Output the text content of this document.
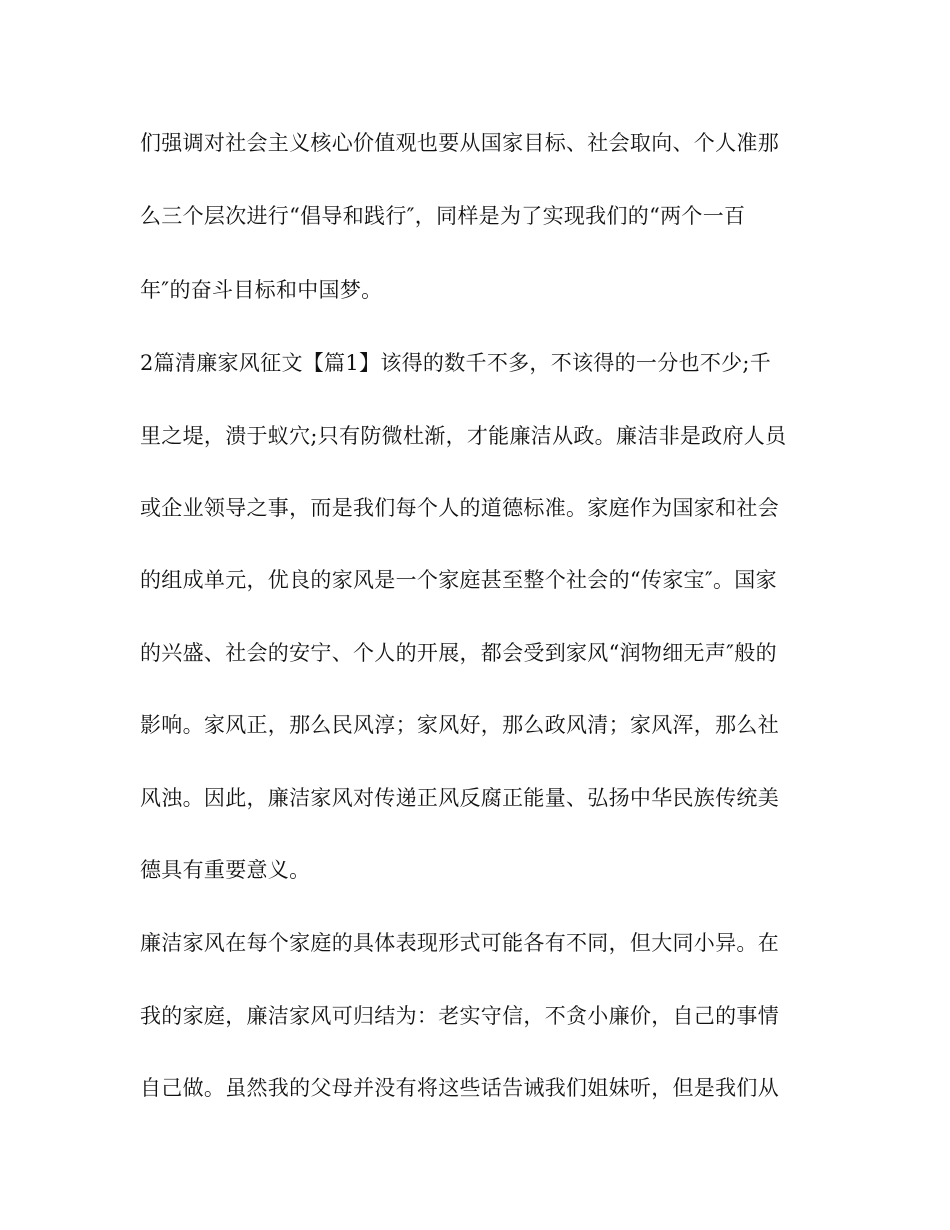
们强调对社会主义核心价值观也要从国家目标、社会取向、个人准那
么三个层次进行“倡导和践行″，同样是为了实现我们的“两个一百
年″的奋斗目标和中国梦。
2篇清廉家风征文【篇1】该得的数千不多，不该得的一分也不少;千
里之堤，溃于蚁穴;只有防微杜渐，才能廉洁从政。廉洁非是政府人员
或企业领导之事，而是我们每个人的道德标准。家庭作为国家和社会
的组成单元，优良的家风是一个家庭甚至整个社会的“传家宝″。国家
的兴盛、社会的安宁、个人的开展，都会受到家风“润物细无声″般的
影响。家风正，那么民风淳；家风好，那么政风清；家风浑，那么社
风浊。因此，廉洁家风对传递正风反腐正能量、弘扬中华民族传统美
德具有重要意义。
廉洁家风在每个家庭的具体表现形式可能各有不同，但大同小异。在
我的家庭，廉洁家风可归结为：老实守信，不贪小廉价，自己的事情
自己做。虽然我的父母并没有将这些话告诫我们姐妹听，但是我们从
